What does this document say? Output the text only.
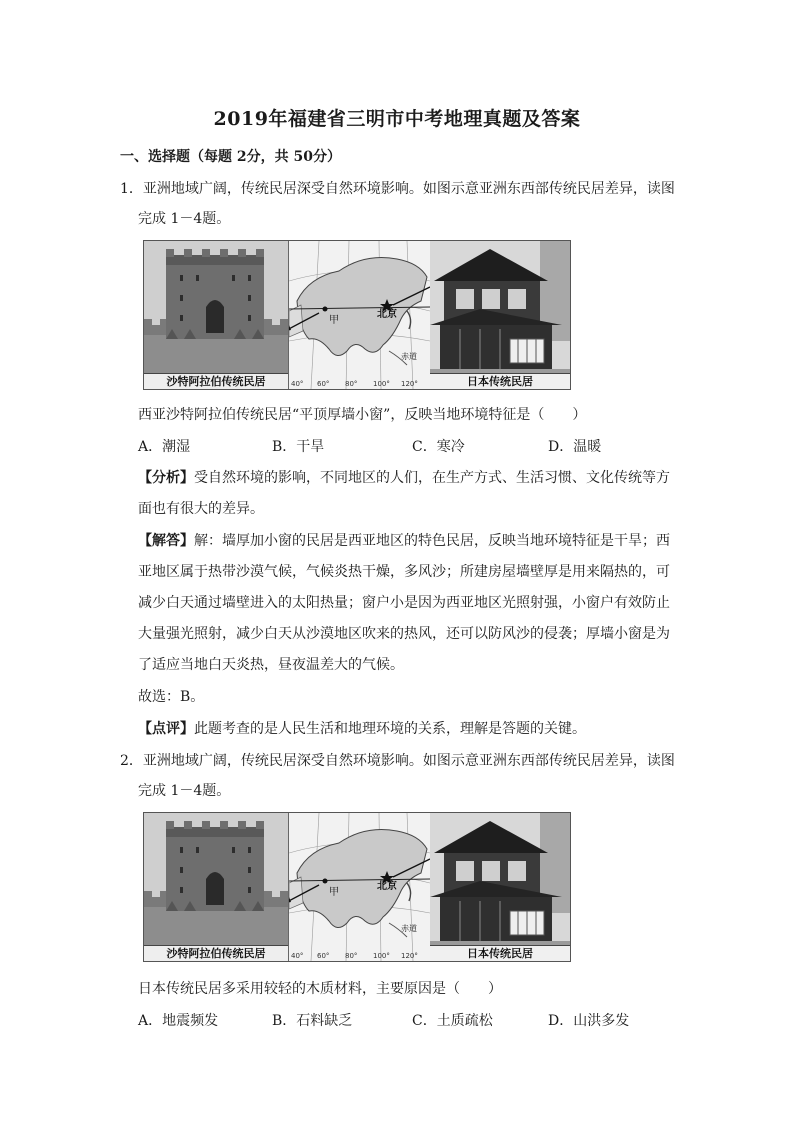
2019年福建省三明市中考地理真题及答案
一、选择题（每题 2分，共 50分）
1．亚洲地域广阔，传统民居深受自然环境影响。如图示意亚洲东西部传统民居差异，读图
完成 1－4题。
沙特阿拉伯传统民居
甲
北京
赤道
40° 60° 80° 100° 120°	日本传统民居
西亚沙特阿拉伯传统民居“平顶厚墙小窗”，反映当地环境特征是（　　）
A．潮湿	B．干旱	C．寒冷	D．温暖
【分析】受自然环境的影响，不同地区的人们，在生产方式、生活习惯、文化传统等方
面也有很大的差异。
【解答】解：墙厚加小窗的民居是西亚地区的特色民居，反映当地环境特征是干旱；西
亚地区属于热带沙漠气候，气候炎热干燥，多风沙；所建房屋墙壁厚是用来隔热的，可
减少白天通过墙壁进入的太阳热量；窗户小是因为西亚地区光照射强，小窗户有效防止
大量强光照射，减少白天从沙漠地区吹来的热风，还可以防风沙的侵袭；厚墙小窗是为
了适应当地白天炎热，昼夜温差大的气候。
故选：B。
【点评】此题考查的是人民生活和地理环境的关系，理解是答题的关键。
2．亚洲地域广阔，传统民居深受自然环境影响。如图示意亚洲东西部传统民居差异，读图
完成 1－4题。
沙特阿拉伯传统民居
甲
北京
赤道
40° 60° 80° 100° 120°	日本传统民居
日本传统民居多采用较轻的木质材料，主要原因是（　　）
A．地震频发	B．石料缺乏	C．土质疏松	D．山洪多发
